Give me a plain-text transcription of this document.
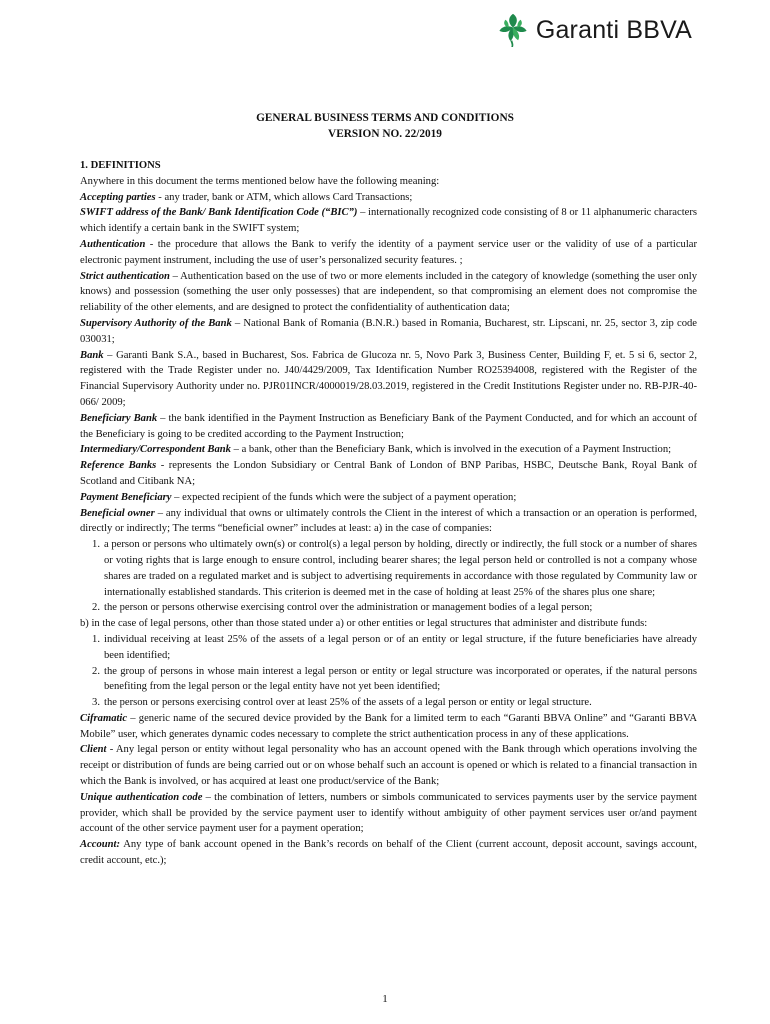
Garanti BBVA
GENERAL BUSINESS TERMS AND CONDITIONS
VERSION NO. 22/2019

1. DEFINITIONS

Anywhere in this document the terms mentioned below have the following meaning:

Accepting parties - any trader, bank or ATM, which allows Card Transactions;

SWIFT address of the Bank/ Bank Identification Code (“BIC”) – internationally recognized code consisting of 8 or 11 alphanumeric characters which identify a certain bank in the SWIFT system;

Authentication - the procedure that allows the Bank to verify the identity of a payment service user or the validity of use of a particular electronic payment instrument, including the use of user’s personalized security features. ;

Strict authentication – Authentication based on the use of two or more elements included in the category of knowledge (something the user only knows) and possession (something the user only possesses) that are independent, so that compromising an element does not compromise the reliability of the other elements, and are designed to protect the confidentiality of authentication data;

Supervisory Authority of the Bank – National Bank of Romania (B.N.R.) based in Romania, Bucharest, str. Lipscani, nr. 25, sector 3, zip code 030031;

Bank – Garanti Bank S.A., based in Bucharest, Sos. Fabrica de Glucoza nr. 5, Novo Park 3, Business Center, Building F, et. 5 si 6, sector 2, registered with the Trade Register under no. J40/4429/2009, Tax Identification Number RO25394008, registered with the Register of the Financial Supervisory Authority under no. PJR01INCR/4000019/28.03.2019, registered in the Credit Institutions Register under no. RB-PJR-40-066/ 2009;

Beneficiary Bank – the bank identified in the Payment Instruction as Beneficiary Bank of the Payment Conducted, and for which an account of the Beneficiary is going to be credited according to the Payment Instruction;

Intermediary/Correspondent Bank – a bank, other than the Beneficiary Bank, which is involved in the execution of a Payment Instruction;

Reference Banks - represents the London Subsidiary or Central Bank of London of BNP Paribas, HSBC, Deutsche Bank, Royal Bank of Scotland and Citibank NA;

Payment Beneficiary – expected recipient of the funds which were the subject of a payment operation;

Beneficial owner – any individual that owns or ultimately controls the Client in the interest of which a transaction or an operation is performed, directly or indirectly; The terms “beneficial owner” includes at least: a) in the case of companies:

1. a person or persons who ultimately own(s) or control(s) a legal person by holding, directly or indirectly, the full stock or a number of shares or voting rights that is large enough to ensure control, including bearer shares; the legal person held or controlled is not a company whose shares are traded on a regulated market and is subject to advertising requirements in accordance with those regulated by Community law or internationally established standards. This criterion is deemed met in the case of holding at least 25% of the shares plus one share;
2. the person or persons otherwise exercising control over the administration or management bodies of a legal person;

b) in the case of legal persons, other than those stated under a) or other entities or legal structures that administer and distribute funds:

1. individual receiving at least 25% of the assets of a legal person or of an entity or legal structure, if the future beneficiaries have already been identified;
2. the group of persons in whose main interest a legal person or entity or legal structure was incorporated or operates, if the natural persons benefiting from the legal person or the legal entity have not yet been identified;
3. the person or persons exercising control over at least 25% of the assets of a legal person or entity or legal structure.

Ciframatic – generic name of the secured device provided by the Bank for a limited term to each “Garanti BBVA Online” and “Garanti BBVA Mobile” user, which generates dynamic codes necessary to complete the strict authentication process in any of these applications.

Client - Any legal person or entity without legal personality who has an account opened with the Bank through which operations involving the receipt or distribution of funds are being carried out or on whose behalf such an account is opened or which is related to a financial transaction in which the Bank is involved, or has acquired at least one product/service of the Bank;

Unique authentication code – the combination of letters, numbers or simbols communicated to services payments user by the service payment provider, which shall be provided by the service payment user to identify without ambiguity of other payment services user or/and payment account of the other service payment user for a payment operation;

Account: Any type of bank account opened in the Bank’s records on behalf of the Client (current account, deposit account, savings account, credit account, etc.);

1
